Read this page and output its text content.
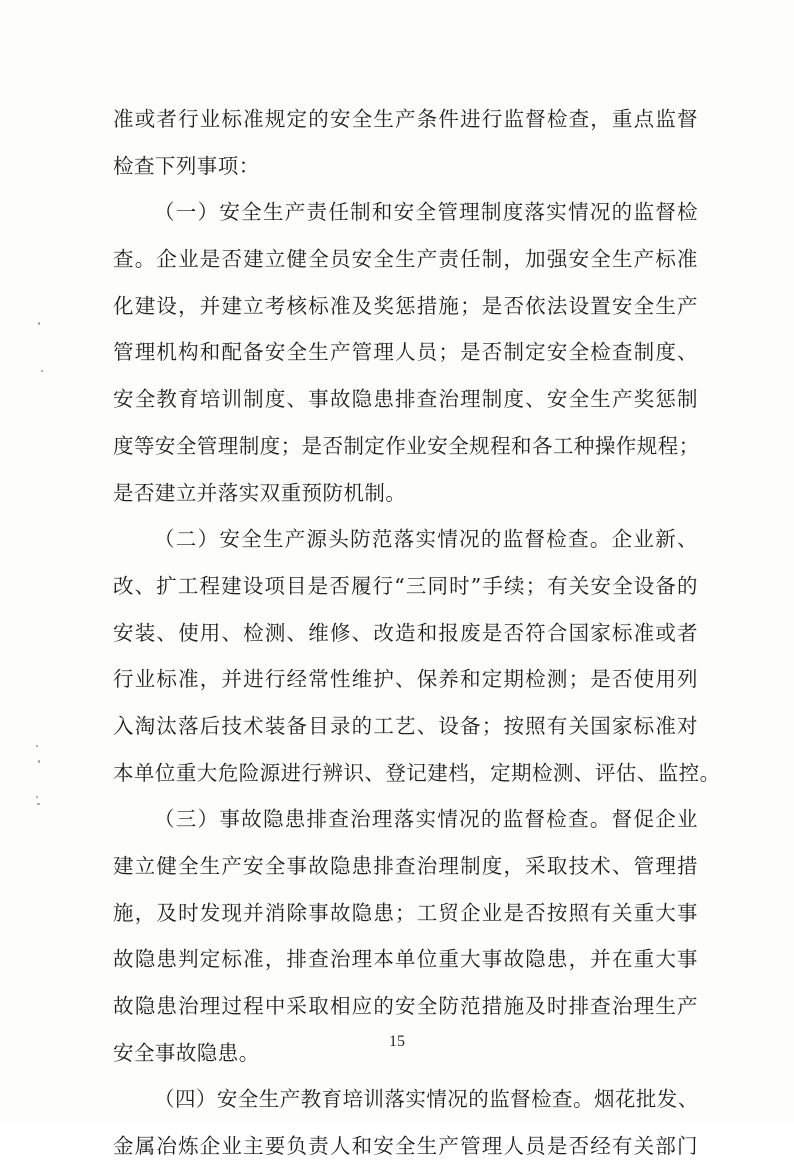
准或者行业标准规定的安全生产条件进行监督检查，重点监督
检查下列事项：
（一）安全生产责任制和安全管理制度落实情况的监督检
查。企业是否建立健全员安全生产责任制，加强安全生产标准
化建设，并建立考核标准及奖惩措施；是否依法设置安全生产
管理机构和配备安全生产管理人员；是否制定安全检查制度、
安全教育培训制度、事故隐患排查治理制度、安全生产奖惩制
度等安全管理制度；是否制定作业安全规程和各工种操作规程；
是否建立并落实双重预防机制。
（二）安全生产源头防范落实情况的监督检查。企业新、
改、扩工程建设项目是否履行“三同时”手续；有关安全设备的
安装、使用、检测、维修、改造和报废是否符合国家标准或者
行业标准，并进行经常性维护、保养和定期检测；是否使用列
入淘汰落后技术装备目录的工艺、设备；按照有关国家标准对
本单位重大危险源进行辨识、登记建档，定期检测、评估、监控。
（三）事故隐患排查治理落实情况的监督检查。督促企业
建立健全生产安全事故隐患排查治理制度，采取技术、管理措
施，及时发现并消除事故隐患；工贸企业是否按照有关重大事
故隐患判定标准，排查治理本单位重大事故隐患，并在重大事
故隐患治理过程中采取相应的安全防范措施及时排查治理生产
安全事故隐患。
（四）安全生产教育培训落实情况的监督检查。烟花批发、
金属冶炼企业主要负责人和安全生产管理人员是否经有关部门
15
